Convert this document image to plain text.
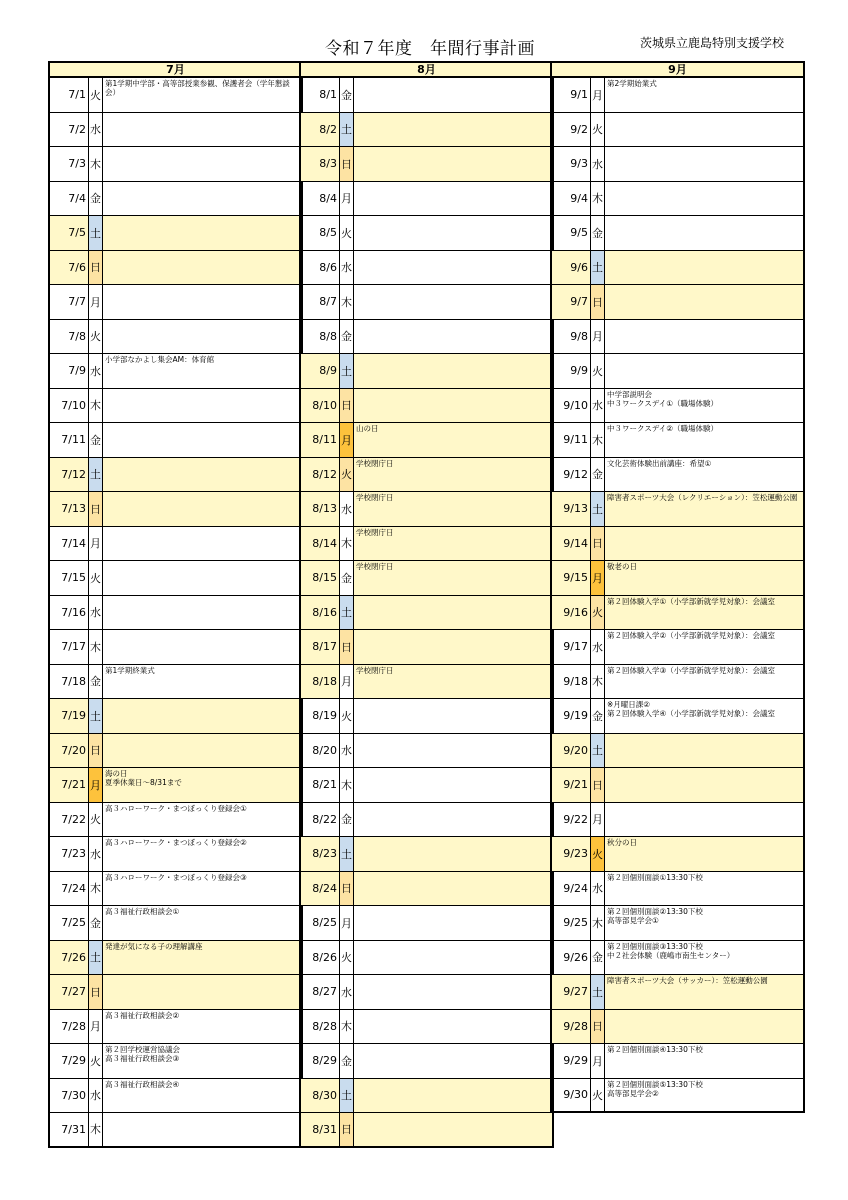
令和７年度　年間行事計画	茨城県立鹿島特別支援学校
7月
7/1 火
第1学期中学部・高等部授業参観、保護者会（学年懇談会）
7/2 水
7/3 木
7/4 金
7/5 土
7/6 日
7/7 月
7/8 火
7/9 水
小学部なかよし集会AM：体育館
7/10 木
7/11 金
7/12 土
7/13 日
7/14 月
7/15 火
7/16 水
7/17 木
7/18 金
第1学期終業式
7/19 土
7/20 日
7/21 月
海の日
夏季休業日～8/31まで
7/22 火
高３ハローワーク・まつぼっくり登録会①
7/23 水
高３ハローワーク・まつぼっくり登録会②
7/24 木
高３ハローワーク・まつぼっくり登録会③
7/25 金
高３福祉行政相談会①
7/26 土
発達が気になる子の理解講座
7/27 日
7/28 月
高３福祉行政相談会②
7/29 火
第２回学校運営協議会
高３福祉行政相談会③
7/30 水
高３福祉行政相談会④
7/31 木
8月
8/1 金
8/2 土
8/3 日
8/4 月
8/5 火
8/6 水
8/7 木
8/8 金
8/9 土
8/10 日
8/11 月
山の日
8/12 火
学校閉庁日
8/13 水
学校閉庁日
8/14 木
学校閉庁日
8/15 金
学校閉庁日
8/16 土
8/17 日
8/18 月
学校閉庁日
8/19 火
8/20 水
8/21 木
8/22 金
8/23 土
8/24 日
8/25 月
8/26 火
8/27 水
8/28 木
8/29 金
8/30 土
8/31 日
9月
9/1 月
第2学期始業式
9/2 火
9/3 水
9/4 木
9/5 金
9/6 土
9/7 日
9/8 月
9/9 火
9/10 水
中学部説明会
中３ワークスデイ①（職場体験）
9/11 木
中３ワークスデイ②（職場体験）
9/12 金
文化芸術体験出前講座：希望①
9/13 土
障害者スポーツ大会（レクリエーション）：笠松運動公園
9/14 日
9/15 月
敬老の日
9/16 火
第２回体験入学①（小学部新就学児対象）：会議室
9/17 水
第２回体験入学②（小学部新就学児対象）：会議室
9/18 木
第２回体験入学③（小学部新就学児対象）：会議室
9/19 金
※月曜日課②
第２回体験入学④（小学部新就学児対象）：会議室
9/20 土
9/21 日
9/22 月
9/23 火
秋分の日
9/24 水
第２回個別面談①13:30下校
9/25 木
第２回個別面談②13:30下校
高等部見学会①
9/26 金
第２回個別面談③13:30下校
中２社会体験（鹿嶋市南生センター）
9/27 土
障害者スポーツ大会（サッカー）：笠松運動公園
9/28 日
9/29 月
第２回個別面談④13:30下校
9/30 火
第２回個別面談⑤13:30下校
高等部見学会②
